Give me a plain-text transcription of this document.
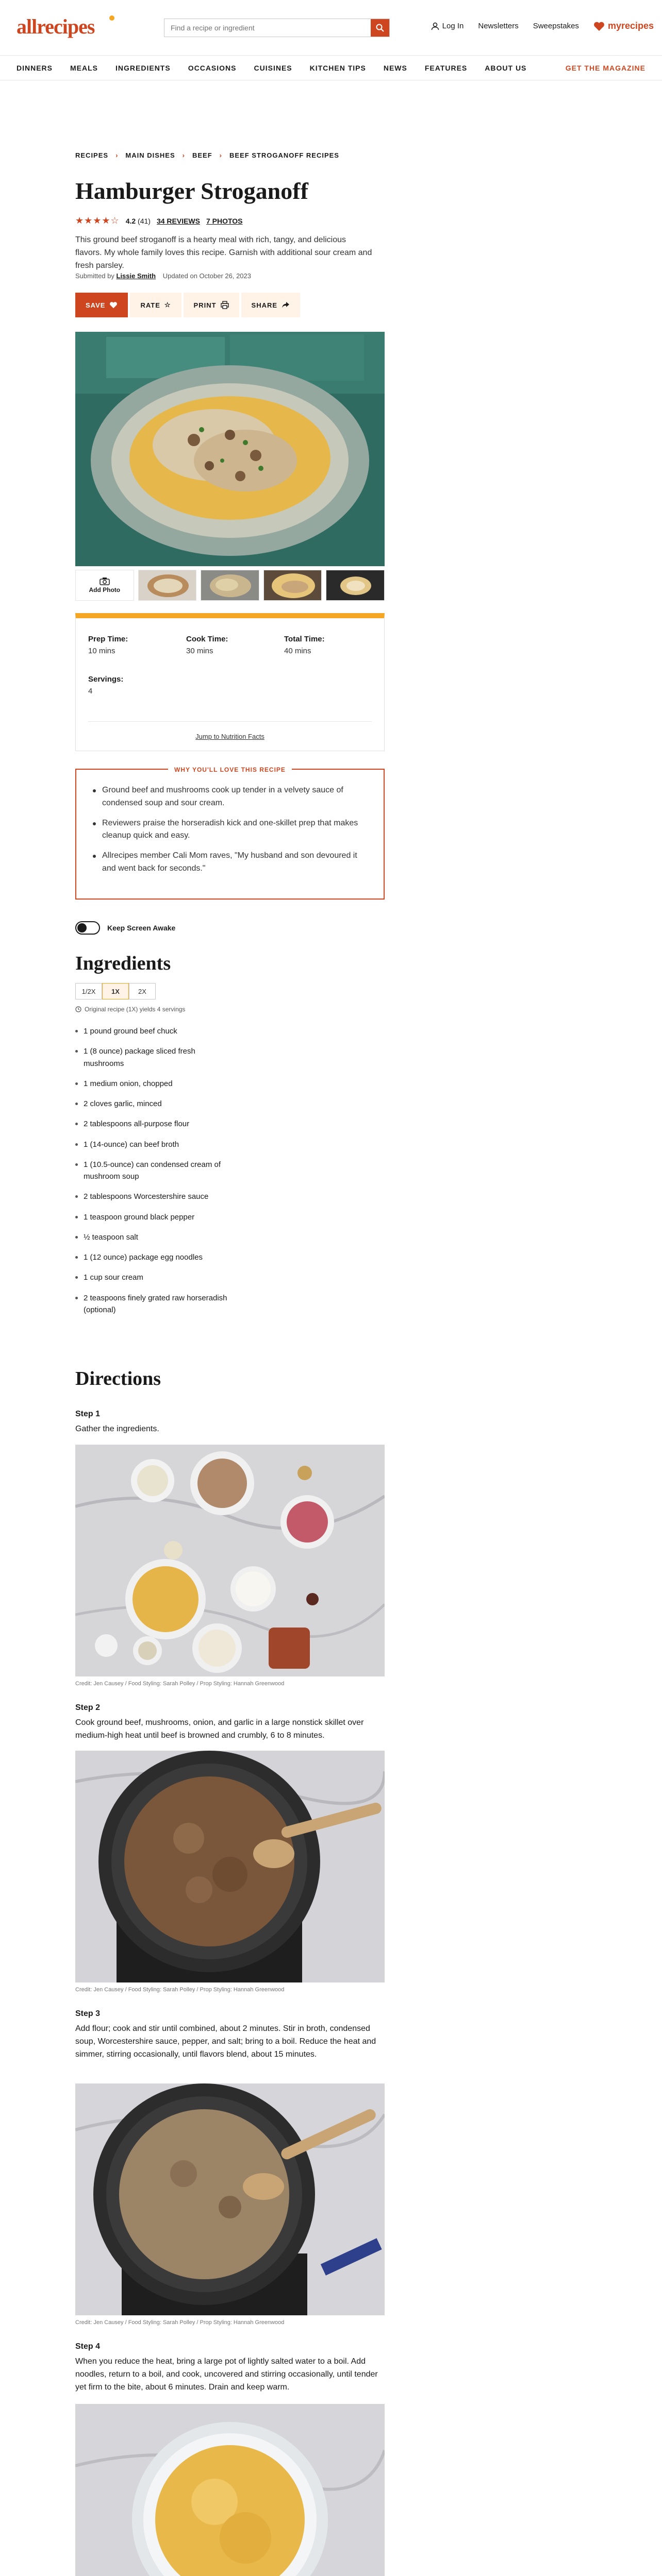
allrecipes
Find a recipe or ingredient	Log In Newsletters Sweepstakes	myrecipes
DINNERS MEALS INGREDIENTS OCCASIONS CUISINES KITCHEN TIPS NEWS FEATURES ABOUT US	GET THE MAGAZINE
RECIPES › MAIN DISHES › BEEF › BEEF STROGANOFF RECIPES
Hamburger Stroganoff
★★★★☆ 4.2 (41) 34 REVIEWS 7 PHOTOS

This ground beef stroganoff is a hearty meal with rich, tangy, and delicious flavors. My whole family loves this recipe. Garnish with additional sour cream and fresh parsley.

Submitted by Lissie Smith Updated on October 26, 2023
SAVE	RATE ☆	PRINT	SHARE
Add Photo
Prep Time:
10 mins
Cook Time:
30 mins
Total Time:
40 mins
Servings:
4
Jump to Nutrition Facts
WHY YOU'LL LOVE THIS RECIPE
Ground beef and mushrooms cook up tender in a velvety sauce of condensed soup and sour cream.
Reviewers praise the horseradish kick and one-skillet prep that makes cleanup quick and easy.
Allrecipes member Cali Mom raves, "My husband and son devoured it and went back for seconds."
Keep Screen Awake
Ingredients
1/2X	1X	2X
Original recipe (1X) yields 4 servings
1 pound ground beef chuck
1 (8 ounce) package sliced fresh mushrooms
1 medium onion, chopped
2 cloves garlic, minced
2 tablespoons all-purpose flour
1 (14-ounce) can beef broth
1 (10.5-ounce) can condensed cream of mushroom soup
2 tablespoons Worcestershire sauce
1 teaspoon ground black pepper
½ teaspoon salt
1 (12 ounce) package egg noodles
1 cup sour cream
2 teaspoons finely grated raw horseradish (optional)
Directions
Step 1

Gather the ingredients.

Credit: Jen Causey / Food Styling: Sarah Polley / Prop Styling: Hannah Greenwood
Step 2

Cook ground beef, mushrooms, onion, and garlic in a large nonstick skillet over medium-high heat until beef is browned and crumbly, 6 to 8 minutes.

Credit: Jen Causey / Food Styling: Sarah Polley / Prop Styling: Hannah Greenwood
Step 3

Add flour; cook and stir until combined, about 2 minutes. Stir in broth, condensed soup, Worcestershire sauce, pepper, and salt; bring to a boil. Reduce the heat and simmer, stirring occasionally, until flavors blend, about 15 minutes.

Credit: Jen Causey / Food Styling: Sarah Polley / Prop Styling: Hannah Greenwood
Step 4

When you reduce the heat, bring a large pot of lightly salted water to a boil. Add noodles, return to a boil, and cook, uncovered and stirring occasionally, until tender yet firm to the bite, about 6 minutes. Drain and keep warm.
